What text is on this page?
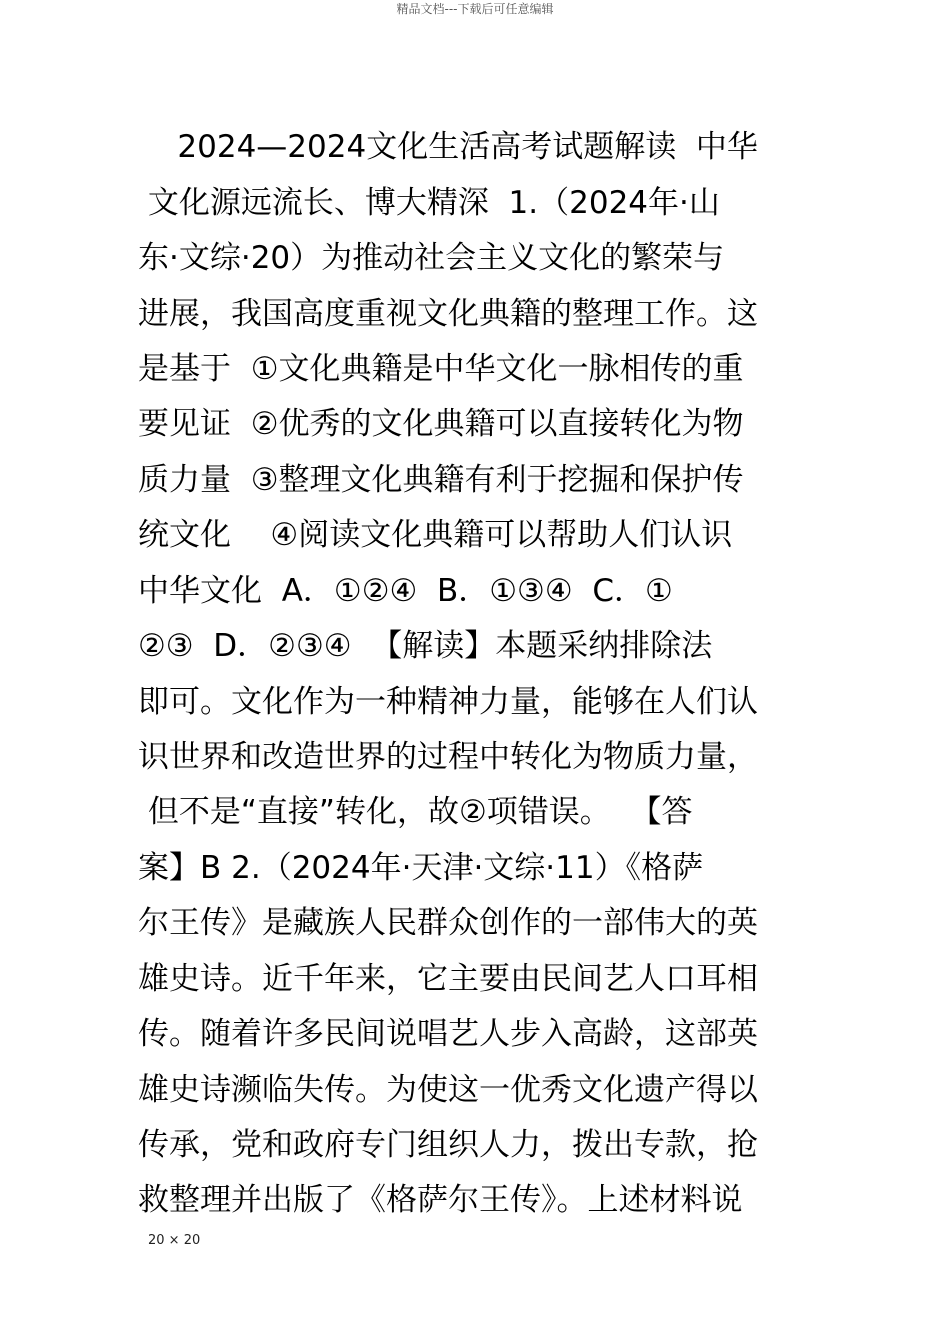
精品文档---下载后可任意编辑
2024—2024文化生活高考试题解读  中华
文化源远流长、博大精深  1.（2024年·山
东·文综·20）为推动社会主义文化的繁荣与
进展，我国高度重视文化典籍的整理工作。这
是基于  ①文化典籍是中华文化一脉相传的重
要见证  ②优秀的文化典籍可以直接转化为物
质力量  ③整理文化典籍有利于挖掘和保护传
统文化    ④阅读文化典籍可以帮助人们认识
中华文化  A．①②④  B．①③④  C．①
②③  D．②③④  【解读】本题采纳排除法
即可。文化作为一种精神力量，能够在人们认
识世界和改造世界的过程中转化为物质力量，
但不是“直接”转化，故②项错误。  【答
案】B 2.（2024年·天津·文综·11）《格萨
尔王传》是藏族人民群众创作的一部伟大的英
雄史诗。近千年来，它主要由民间艺人口耳相
传。随着许多民间说唱艺人步入高龄，这部英
雄史诗濒临失传。为使这一优秀文化遗产得以
传承，党和政府专门组织人力，拨出专款，抢
救整理并出版了《格萨尔王传》。上述材料说
20 × 20
